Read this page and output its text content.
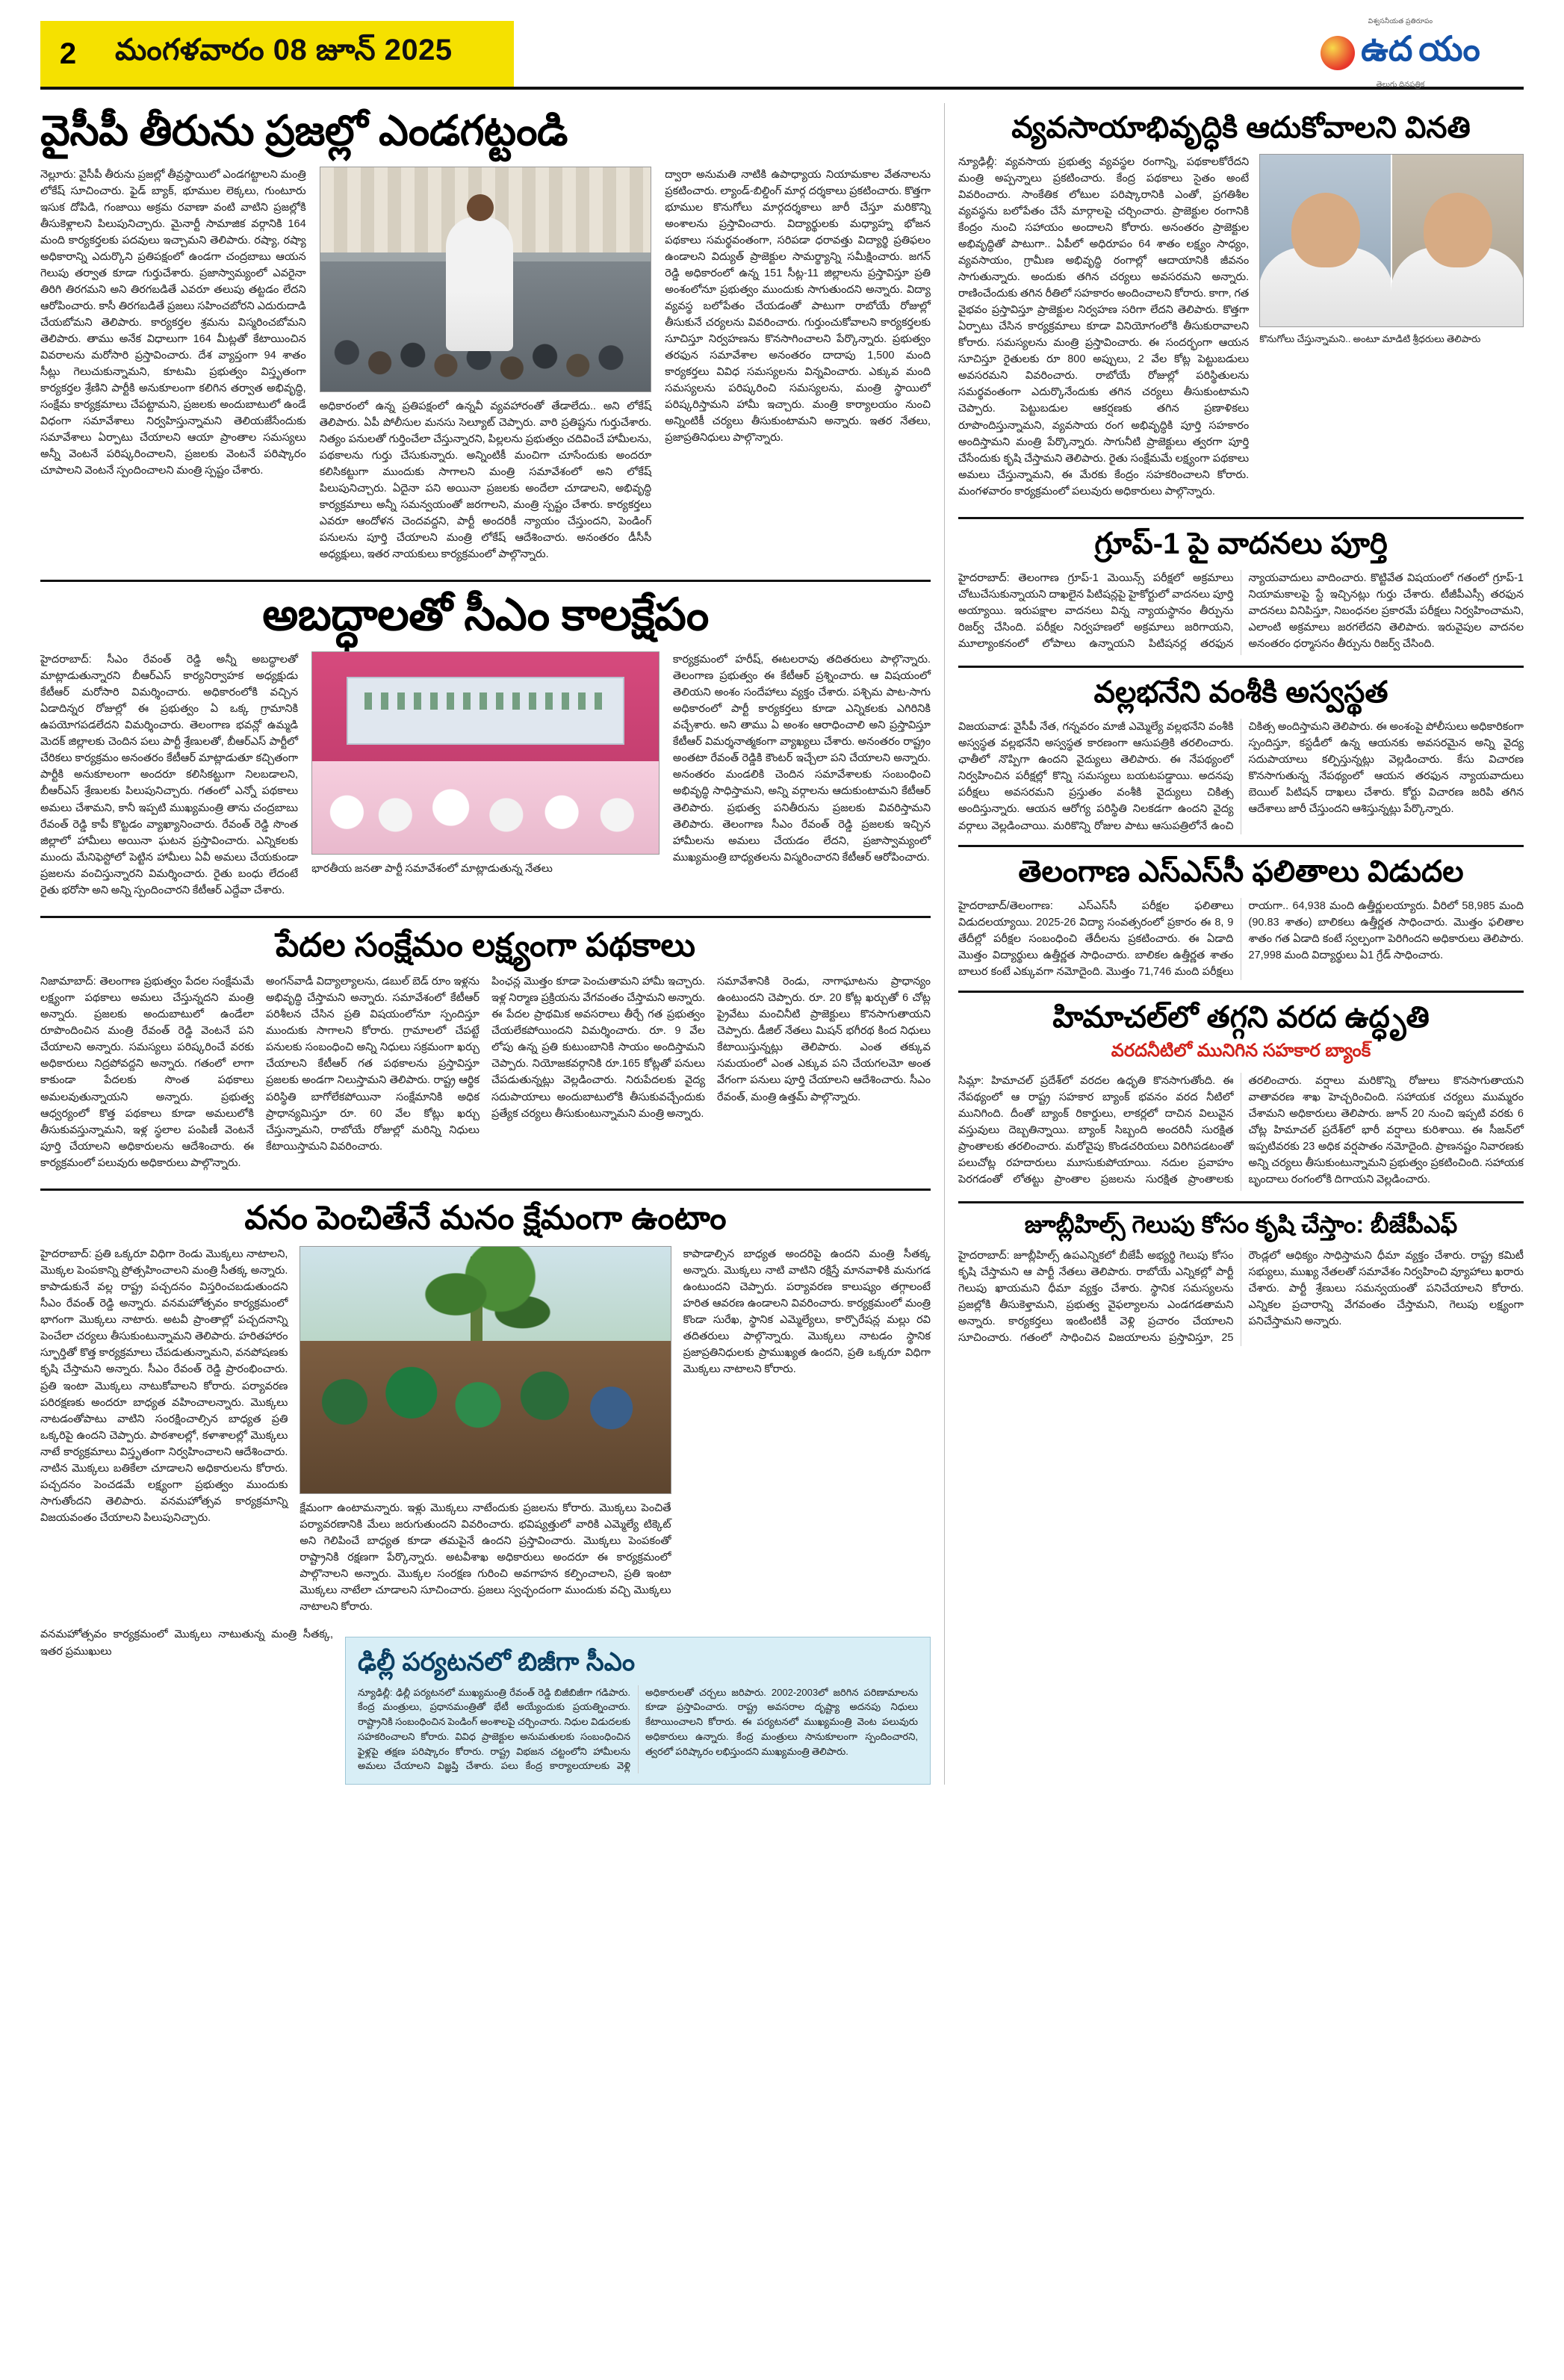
2 మంగళవారం 08 జూన్ 2025
విశ్వసనీయత ప్రతిరూపం
ఉద యం
తెలుగు దినపత్రిక
వైసీపీ తీరును ప్రజల్లో ఎండగట్టండి

నెల్లూరు: వైసీపీ తీరును ప్రజల్లో తీవ్రస్థాయిలో ఎండగట్టాలని మంత్రి లోకేష్ సూచించారు. ఫైడ్ బ్యాక్, భూముల లెక్కలు, గుంటూరు ఇసుక దోపిడి, గంజాయి అక్రమ రవాణా వంటి వాటిని ప్రజల్లోకి తీసుకెళ్లాలని పిలుపునిచ్చారు. మైనార్టీ సామాజిక వర్గానికి 164 మంది కార్యకర్తలకు పదవులు ఇచ్చామని తెలిపారు. రష్యా, రష్యా అధికారాన్ని ఎదుర్కొని ప్రతిపక్షంలో ఉండగా చంద్రబాబు ఆయన గెలుపు తర్వాత కూడా గుర్తుచేశారు. ప్రజాస్వామ్యంలో ఎవరైనా తిరిగి తిరగమని అని తిరగబడితే ఎవరూ తలుపు తట్టడం లేదని ఆరోపించారు. కాసీ తిరగబడితే ప్రజలు సహించబోరని ఎదురుదాడి చేయబోమని తెలిపారు. కార్యకర్తల శ్రమను విస్మరించబోమని తెలిపారు. తాము అనేక విధాలుగా 164 మీట్లతో కేటాయించిన వివరాలను మరోసారి ప్రస్తావించారు. దేశ వ్యాప్తంగా 94 శాతం సీట్లు గెలుచుకున్నామని, కూటమి ప్రభుత్వం విస్తృతంగా కార్యకర్తల శ్రేణిని పార్టీకి అనుకూలంగా కలిగిన తర్వాత అభివృద్ధి, సంక్షేమ కార్యక్రమాలు చేపట్టామని, ప్రజలకు అందుబాటులో ఉండే విధంగా సమావేశాలు నిర్వహిస్తున్నామని తెలియజేసేందుకు సమావేశాలు ఏర్పాటు చేయాలని ఆయా ప్రాంతాల సమస్యలు అన్నీ వెంటనే పరిష్కరించాలని, ప్రజలకు వెంటనే పరిష్కారం చూపాలని వెంటనే స్పందించాలని మంత్రి స్పష్టం చేశారు.

అధికారంలో ఉన్న ప్రతిపక్షంలో ఉన్నవీ వ్యవహారంతో తేడాలేదు.. అని లోకేష్ తెలిపారు. ఏపీ పోలీసుల మనసు సెల్యూట్ చెప్పారు. వారి ప్రతిష్టను గుర్తుచేశారు. నిత్యం పనులతో గుర్తించేలా చేస్తున్నారని, పిల్లలను ప్రభుత్వం చదివించే హామీలను, పథకాలను గుర్తు చేసుకున్నారు. అన్నింటికీ మంచిగా చూసేందుకు అందరూ కలిసికట్టుగా ముందుకు సాగాలని మంత్రి సమావేశంలో అని లోకేష్ పిలుపునిచ్చారు. ఏదైనా పని అయినా ప్రజలకు అందేలా చూడాలని, అభివృద్ధి కార్యక్రమాలు అన్నీ సమన్వయంతో జరగాలని, మంత్రి స్పష్టం చేశారు. కార్యకర్తలు ఎవరూ ఆందోళన చెందవద్దని, పార్టీ అందరికీ న్యాయం చేస్తుందని, పెండింగ్ పనులను పూర్తి చేయాలని మంత్రి లోకేష్ ఆదేశించారు. అనంతరం డీసీసీ అధ్యక్షులు, ఇతర నాయకులు కార్యక్రమంలో పాల్గొన్నారు.

ద్వారా అనుమతి నాటికి ఉపాధ్యాయ నియామకాల వేతనాలను ప్రకటించారు. ల్యాండ్-బిల్డింగ్ మార్గ దర్శకాలు ప్రకటించారు. కొత్తగా భూముల కొనుగోలు మార్గదర్శకాలు జారీ చేస్తూ మరికొన్ని అంశాలను ప్రస్తావించారు. విద్యార్థులకు మధ్యాహ్న భోజన పథకాలు సమర్థవంతంగా, సరిపడా ధరావత్తు విద్యార్థి ప్రతిఫలం ఉండాలని విద్యుత్ ప్రాజెక్టుల సామర్థ్యాన్ని సమీక్షించారు. జగన్ రెడ్డి అధికారంలో ఉన్న 151 సీట్ల-11 జిల్లాలను ప్రస్తావిస్తూ ప్రతి అంశంలోనూ ప్రభుత్వం ముందుకు సాగుతుందని అన్నారు. విద్యా వ్యవస్థ బలోపేతం చేయడంతో పాటుగా రాబోయే రోజుల్లో తీసుకునే చర్యలను వివరించారు. గుర్తుంచుకోవాలని కార్యకర్తలకు సూచిస్తూ నిర్వహణను కొనసాగించాలని పేర్కొన్నారు. ప్రభుత్వం తరఫున సమావేశాల అనంతరం దాదాపు 1,500 మంది కార్యకర్తలు వివిధ సమస్యలను విన్నవించారు. ఎక్కువ మంది సమస్యలను పరిష్కరించి సమస్యలను, మంత్రి స్థాయిలో పరిష్కరిస్తామని హామీ ఇచ్చారు. మంత్రి కార్యాలయం నుంచి అన్నింటికీ చర్యలు తీసుకుంటామని అన్నారు. ఇతర నేతలు, ప్రజాప్రతినిధులు పాల్గొన్నారు.

అబద్ధాలతో సీఎం కాలక్షేపం

హైదరాబాద్: సీఎం రేవంత్ రెడ్డి అన్నీ అబద్ధాలతో మాట్లాడుతున్నారని బీఆర్ఎస్ కార్యనిర్వాహక అధ్యక్షుడు కేటీఆర్ మరోసారి విమర్శించారు. అధికారంలోకి వచ్చిన ఏడాదిన్నర రోజుల్లో ఈ ప్రభుత్వం ఏ ఒక్క గ్రామానికి ఉపయోగపడలేదని విమర్శించారు. తెలంగాణ భవన్లో ఉమ్మడి మెదక్ జిల్లాలకు చెందిన పలు పార్టీ శ్రేణులతో, బీఆర్ఎస్ పార్టీలో చేరికలు కార్యక్రమం అనంతరం కేటీఆర్ మాట్లాడుతూ కచ్చితంగా పార్టీకి అనుకూలంగా అందరూ కలిసికట్టుగా నిలబడాలని, బీఆర్ఎస్ శ్రేణులకు పిలుపునిచ్చారు. గతంలో ఎన్నో పథకాలు అమలు చేశామని, కానీ ఇప్పటి ముఖ్యమంత్రి తాను చంద్రబాబు రేవంత్ రెడ్డి కాపీ కొట్టడం వ్యాఖ్యానించారు. రేవంత్ రెడ్డి సొంత జిల్లాలో హామీలు అయినా ఘటన ప్రస్తావించారు. ఎన్నికలకు ముందు మేనిఫెస్టోలో పెట్టిన హామీలు ఏవీ అమలు చేయకుండా ప్రజలను వంచిస్తున్నారని విమర్శించారు. రైతు బంధు లేదంటే రైతు భరోసా అని అన్ని స్పందించారని కేటీఆర్ ఎద్దేవా చేశారు.

భారతీయ జనతా పార్టీ సమావేశంలో మాట్లాడుతున్న నేతలు

కార్యక్రమంలో హరీష్, ఈటలరావు తదితరులు పాల్గొన్నారు. తెలంగాణ ప్రభుత్వం ఈ కేటీఆర్ ప్రశ్నించారు. ఆ విషయంలో తెలియని అంశం సందేహాలు వ్యక్తం చేశారు. పశ్చిమ పాట-సాగు అధికారంలో పార్టీ కార్యకర్తలు కూడా ఎన్నికలకు ఎగిరినికి వచ్చేశారు. అని తాము ఏ అంశం ఆరాధించాలి అని ప్రస్తావిస్తూ కేటీఆర్ విమర్శనాత్మకంగా వ్యాఖ్యలు చేశారు. అనంతరం రాష్ట్రం అంతటా రేవంత్ రెడ్డికి కౌంటర్ ఇచ్చేలా పని చేయాలని అన్నారు. అనంతరం మండలికి చెందిన సమావేశాలకు సంబంధించి అభివృద్ధి సాధిస్తామని, అన్ని వర్గాలను ఆదుకుంటామని కేటీఆర్ తెలిపారు. ప్రభుత్వ పనితీరును ప్రజలకు వివరిస్తామని తెలిపారు. తెలంగాణ సీఎం రేవంత్ రెడ్డి ప్రజలకు ఇచ్చిన హామీలను అమలు చేయడం లేదని, ప్రజాస్వామ్యంలో ముఖ్యమంత్రి బాధ్యతలను విస్మరించారని కేటీఆర్ ఆరోపించారు.

పేదల సంక్షేమం లక్ష్యంగా పథకాలు

నిజామాబాద్: తెలంగాణ ప్రభుత్వం పేదల సంక్షేమమే లక్ష్యంగా పథకాలు అమలు చేస్తున్నదని మంత్రి అన్నారు. ప్రజలకు అందుబాటులో ఉండేలా రూపొందించిన మంత్రి రేవంత్ రెడ్డి వెంటనే పని చేయాలని అన్నారు. సమస్యలు పరిష్కరించే వరకు అధికారులు నిద్రపోవద్దని అన్నారు. గతంలో లాగా కాకుండా పేదలకు సొంత పథకాలు అమలవుతున్నాయని అన్నారు. ప్రభుత్వ ఆధ్వర్యంలో కొత్త పథకాలు కూడా అమలులోకి తీసుకువస్తున్నామని, ఇళ్ల స్థలాల పంపిణీ వెంటనే పూర్తి చేయాలని అధికారులను ఆదేశించారు. ఈ కార్యక్రమంలో పలువురు అధికారులు పాల్గొన్నారు.

అంగన్‌వాడీ విద్యాల్యాలను, డబుల్ బెడ్ రూం ఇళ్లను అభివృద్ధి చేస్తామని అన్నారు. సమావేశంలో కేటీఆర్ పరిశీలన చేసిన ప్రతి విషయంలోనూ స్పందిస్తూ ముందుకు సాగాలని కోరారు. గ్రామాలలో చేపట్టే పనులకు సంబంధించి అన్ని నిధులు సక్రమంగా ఖర్చు చేయాలని కేటీఆర్ గత పథకాలను ప్రస్తావిస్తూ ప్రజలకు అండగా నిలుస్తామని తెలిపారు. రాష్ట్ర ఆర్థిక పరిస్థితి బాగోలేకపోయినా సంక్షేమానికి అధిక ప్రాధాన్యమిస్తూ రూ. 60 వేల కోట్లు ఖర్చు చేస్తున్నామని, రాబోయే రోజుల్లో మరిన్ని నిధులు కేటాయిస్తామని వివరించారు.

పింఛన్ల మొత్తం కూడా పెంచుతామని హామీ ఇచ్చారు. ఇళ్ల నిర్మాణ ప్రక్రియను వేగవంతం చేస్తామని అన్నారు. ఈ పేదల ప్రాథమిక అవసరాలు తీర్చే గత ప్రభుత్వం చేయలేకపోయిందని విమర్శించారు. రూ. 9 వేల లోపు ఉన్న ప్రతి కుటుంబానికి సాయం అందిస్తామని చెప్పారు. నియోజకవర్గానికి రూ.165 కోట్లతో పనులు చేపడుతున్నట్లు వెల్లడించారు. నిరుపేదలకు వైద్య సదుపాయాలు అందుబాటులోకి తీసుకువచ్చేందుకు ప్రత్యేక చర్యలు తీసుకుంటున్నామని మంత్రి అన్నారు.

సమావేశానికి రెండు, నాగాఘాటను ప్రాధాన్యం ఉంటుందని చెప్పారు. రూ. 20 కోట్ల ఖర్చుతో 6 చోట్ల ప్రైవేటు మంచినీటి ప్రాజెక్టులు కొనసాగుతాయని చెప్పారు. డీజిల్ నేతలు మిషన్ భగీరథ కింద నిధులు కేటాయిస్తున్నట్లు తెలిపారు. ఎంత తక్కువ సమయంలో ఎంత ఎక్కువ పని చేయగలమో అంత వేగంగా పనులు పూర్తి చేయాలని ఆదేశించారు. సీఎం రేవంత్, మంత్రి ఉత్తమ్ పాల్గొన్నారు.

వనం పెంచితేనే మనం క్షేమంగా ఉంటాం

హైదరాబాద్: ప్రతి ఒక్కరూ విధిగా రెండు మొక్కలు నాటాలని, మొక్కల పెంపకాన్ని ప్రోత్సహించాలని మంత్రి సీతక్క అన్నారు. కాపాడుకునే వల్ల రాష్ట్ర పచ్చదనం విస్తరించబడుతుందని సీఎం రేవంత్ రెడ్డి అన్నారు. వనమహోత్సవం కార్యక్రమంలో భాగంగా మొక్కలు నాటారు. అటవీ ప్రాంతాల్లో పచ్చదనాన్ని పెంచేలా చర్యలు తీసుకుంటున్నామని తెలిపారు. హరితహారం స్ఫూర్తితో కొత్త కార్యక్రమాలు చేపడుతున్నామని, వనపోషణకు కృషి చేస్తామని అన్నారు. సీఎం రేవంత్ రెడ్డి ప్రారంభించారు. ప్రతి ఇంటా మొక్కలు నాటుకోవాలని కోరారు. పర్యావరణ పరిరక్షణకు అందరూ బాధ్యత వహించాలన్నారు. మొక్కలు నాటడంతోపాటు వాటిని సంరక్షించాల్సిన బాధ్యత ప్రతి ఒక్కరిపై ఉందని చెప్పారు. పాఠశాలల్లో, కళాశాలల్లో మొక్కలు నాటే కార్యక్రమాలు విస్తృతంగా నిర్వహించాలని ఆదేశించారు. నాటిన మొక్కలు బతికేలా చూడాలని అధికారులను కోరారు. పచ్చదనం పెంచడమే లక్ష్యంగా ప్రభుత్వం ముందుకు సాగుతోందని తెలిపారు. వనమహోత్సవ కార్యక్రమాన్ని విజయవంతం చేయాలని పిలుపునిచ్చారు.

క్షేమంగా ఉంటామన్నారు. ఇళ్లు మొక్కలు నాటేందుకు ప్రజలను కోరారు. మొక్కలు పెంచితే పర్యావరణానికి మేలు జరుగుతుందని వివరించారు. భవిష్యత్తులో వారికి ఎమ్మెల్యే టిక్కెట్ అని గెలిపించే బాధ్యత కూడా తమపైనే ఉందని ప్రస్తావించారు. మొక్కలు పెంపకంతో రాష్ట్రానికి రక్షణగా పేర్కొన్నారు. అటవీశాఖ అధికారులు అందరూ ఈ కార్యక్రమంలో పాల్గొనాలని అన్నారు. మొక్కల సంరక్షణ గురించి అవగాహన కల్పించాలని, ప్రతి ఇంటా మొక్కలు నాటేలా చూడాలని సూచించారు. ప్రజలు స్వచ్ఛందంగా ముందుకు వచ్చి మొక్కలు నాటాలని కోరారు.

కాపాడాల్సిన బాధ్యత అందరిపై ఉందని మంత్రి సీతక్క అన్నారు. మొక్కలు నాటి వాటిని రక్షిస్తే మానవాళికి మనుగడ ఉంటుందని చెప్పారు. పర్యావరణ కాలుష్యం తగ్గాలంటే హరిత ఆవరణ ఉండాలని వివరించారు. కార్యక్రమంలో మంత్రి కొండా సురేఖ, స్థానిక ఎమ్మెల్యేలు, కార్పొరేషన్ల మల్లు రవి తదితరులు పాల్గొన్నారు. మొక్కలు నాటడం స్థానిక ప్రజాప్రతినిధులకు ప్రాముఖ్యత ఉందని, ప్రతి ఒక్కరూ విధిగా మొక్కలు నాటాలని కోరారు.

వనమహోత్సవం కార్యక్రమంలో మొక్కలు నాటుతున్న మంత్రి సీతక్క, ఇతర ప్రముఖులు	ఢిల్లీ పర్యటనలో బిజీగా సీఎం

న్యూఢిల్లీ: ఢిల్లీ పర్యటనలో ముఖ్యమంత్రి రేవంత్ రెడ్డి బిజీబిజీగా గడిపారు. కేంద్ర మంత్రులు, ప్రధానమంత్రితో భేటీ అయ్యేందుకు ప్రయత్నించారు. రాష్ట్రానికి సంబంధించిన పెండింగ్ అంశాలపై చర్చించారు. నిధుల విడుదలకు సహకరించాలని కోరారు. వివిధ ప్రాజెక్టుల అనుమతులకు సంబంధించిన ఫైళ్లపై తక్షణ పరిష్కారం కోరారు. రాష్ట్ర విభజన చట్టంలోని హామీలను అమలు చేయాలని విజ్ఞప్తి చేశారు. పలు కేంద్ర కార్యాలయాలకు వెళ్లి అధికారులతో చర్చలు జరిపారు. 2002-2003లో జరిగిన పరిణామాలను కూడా ప్రస్తావించారు. రాష్ట్ర అవసరాల దృష్ట్యా అదనపు నిధులు కేటాయించాలని కోరారు. ఈ పర్యటనలో ముఖ్యమంత్రి వెంట పలువురు అధికారులు ఉన్నారు. కేంద్ర మంత్రులు సానుకూలంగా స్పందించారని, త్వరలో పరిష్కారం లభిస్తుందని ముఖ్యమంత్రి తెలిపారు.

వ్యవసాయాభివృద్ధికి ఆదుకోవాలని వినతి

న్యూఢిల్లీ: వ్యవసాయ ప్రభుత్వ వ్యవస్థల రంగాన్ని, పథకాలకోరేదని మంత్రి అప్పన్నాలు ప్రకటించారు. కేంద్ర పథకాలు సైతం అంటే వివరించారు. సాంకేతిక లోటుల పరిష్కారానికి ఎంతో, ప్రగతిశీల వ్యవస్థను బలోపేతం చేసే మార్గాలపై చర్చించారు. ప్రాజెక్టుల రంగానికి కేంద్రం నుంచి సహాయం అందాలని కోరారు. అనంతరం ప్రాజెక్టుల అభివృద్ధితో పాటుగా.. ఏపీలో అధిరూపం 64 శాతం లక్ష్యం సాధ్యం, వ్యవసాయం, గ్రామీణ అభివృద్ధి రంగాల్లో ఆదాయానికి జీవనం సాగుతున్నారు. అందుకు తగిన చర్యలు అవసరమని అన్నారు. రాణించేందుకు తగిన రీతిలో సహకారం అందించాలని కోరారు. కాగా, గత వైభవం ప్రస్తావిస్తూ ప్రాజెక్టుల నిర్వహణ సరిగా లేదని తెలిపారు. కొత్తగా ఏర్పాటు చేసిన కార్యక్రమాలు కూడా వినియోగంలోకి తీసుకురావాలని కోరారు. సమస్యలను మంత్రి ప్రస్తావించారు. ఈ సందర్భంగా ఆయన సూచిస్తూ రైతులకు రూ 800 అప్పులు, 2 వేల కోట్ల పెట్టుబడులు అవసరమని వివరించారు. రాబోయే రోజుల్లో పరిస్థితులను సమర్థవంతంగా ఎదుర్కొనేందుకు తగిన చర్యలు తీసుకుంటామని చెప్పారు. పెట్టుబడుల ఆకర్షణకు తగిన ప్రణాళికలు రూపొందిస్తున్నామని, వ్యవసాయ రంగ అభివృద్ధికి పూర్తి సహకారం అందిస్తామని మంత్రి పేర్కొన్నారు. సాగునీటి ప్రాజెక్టులు త్వరగా పూర్తి చేసేందుకు కృషి చేస్తామని తెలిపారు. రైతు సంక్షేమమే లక్ష్యంగా పథకాలు అమలు చేస్తున్నామని, ఈ మేరకు కేంద్రం సహకరించాలని కోరారు. మంగళవారం కార్యక్రమంలో పలువురు అధికారులు పాల్గొన్నారు.

కొనుగోలు చేస్తున్నామని.. అంటూ మాడిటి శ్రీధరులు తెలిపారు

గ్రూప్-1 పై వాదనలు పూర్తి

హైదరాబాద్: తెలంగాణ గ్రూప్-1 మెయిన్స్ పరీక్షలో అక్రమాలు చోటుచేసుకున్నాయని దాఖలైన పిటిషన్లపై హైకోర్టులో వాదనలు పూర్తి అయ్యాయి. ఇరుపక్షాల వాదనలు విన్న న్యాయస్థానం తీర్పును రిజర్వ్ చేసింది. పరీక్షల నిర్వహణలో అక్రమాలు జరిగాయని, మూల్యాంకనంలో లోపాలు ఉన్నాయని పిటిషనర్ల తరఫున న్యాయవాదులు వాదించారు. కొట్టివేత విషయంలో గతంలో గ్రూప్-1 నియామకాలపై స్టే ఇచ్చినట్లు గుర్తు చేశారు. టీజీపీఎస్సీ తరఫున వాదనలు వినిపిస్తూ, నిబంధనల ప్రకారమే పరీక్షలు నిర్వహించామని, ఎలాంటి అక్రమాలు జరగలేదని తెలిపారు. ఇరువైపుల వాదనల అనంతరం ధర్మాసనం తీర్పును రిజర్వ్ చేసింది.

వల్లభనేని వంశీకి అస్వస్థత

విజయవాడ: వైసీపీ నేత, గన్నవరం మాజీ ఎమ్మెల్యే వల్లభనేని వంశీకి అస్వస్థత వల్లభనేని అస్వస్థత కారణంగా ఆసుపత్రికి తరలించారు. ఛాతీలో నొప్పిగా ఉందని వైద్యులు తెలిపారు. ఈ నేపథ్యంలో నిర్వహించిన పరీక్షల్లో కొన్ని సమస్యలు బయటపడ్డాయి. అదనపు పరీక్షలు అవసరమని ప్రస్తుతం వంశీకి వైద్యులు చికిత్స అందిస్తున్నారు. ఆయన ఆరోగ్య పరిస్థితి నిలకడగా ఉందని వైద్య వర్గాలు వెల్లడించాయి. మరికొన్ని రోజుల పాటు ఆసుపత్రిలోనే ఉంచి చికిత్స అందిస్తామని తెలిపారు. ఈ అంశంపై పోలీసులు అధికారికంగా స్పందిస్తూ, కస్టడీలో ఉన్న ఆయనకు అవసరమైన అన్ని వైద్య సదుపాయాలు కల్పిస్తున్నట్లు వెల్లడించారు. కేసు విచారణ కొనసాగుతున్న నేపథ్యంలో ఆయన తరఫున న్యాయవాదులు బెయిల్ పిటిషన్ దాఖలు చేశారు. కోర్టు విచారణ జరిపి తగిన ఆదేశాలు జారీ చేస్తుందని ఆశిస్తున్నట్లు పేర్కొన్నారు.

తెలంగాణ ఎస్‌ఎస్‌సీ ఫలితాలు విడుదల

హైదరాబాద్‌/తెలంగాణ: ఎస్‌ఎస్‌సీ పరీక్షల ఫలితాలు విడుదలయ్యాయి. 2025-26 విద్యా సంవత్సరంలో ప్రకారం ఈ 8, 9 తేదీల్లో పరీక్షల సంబంధించి తేదీలను ప్రకటించారు. ఈ ఏడాది మొత్తం విద్యార్థులు ఉత్తీర్ణత సాధించారు. బాలికల ఉత్తీర్ణత శాతం బాలుర కంటే ఎక్కువగా నమోదైంది. మొత్తం 71,746 మంది పరీక్షలు రాయగా.. 64,938 మంది ఉత్తీర్ణులయ్యారు. వీరిలో 58,985 మంది (90.83 శాతం) బాలికలు ఉత్తీర్ణత సాధించారు. మొత్తం ఫలితాల శాతం గత ఏడాది కంటే స్వల్పంగా పెరిగిందని అధికారులు తెలిపారు. 27,998 మంది విద్యార్థులు ఏ1 గ్రేడ్ సాధించారు.

హిమాచల్‌లో తగ్గని వరద ఉద్ధృతి
వరదనీటిలో మునిగిన సహకార బ్యాంక్

సిమ్లా: హిమాచల్ ప్రదేశ్‌లో వరదల ఉధృతి కొనసాగుతోంది. ఈ నేపథ్యంలో ఆ రాష్ట్ర సహకార బ్యాంక్ భవనం వరద నీటిలో మునిగింది. దీంతో బ్యాంక్ రికార్డులు, లాకర్లలో దాచిన విలువైన వస్తువులు దెబ్బతిన్నాయి. బ్యాంక్ సిబ్బంది అందరినీ సురక్షిత ప్రాంతాలకు తరలించారు. మరోవైపు కొండచరియలు విరిగిపడటంతో పలుచోట్ల రహదారులు మూసుకుపోయాయి. నదుల ప్రవాహం పెరగడంతో లోతట్టు ప్రాంతాల ప్రజలను సురక్షిత ప్రాంతాలకు తరలించారు. వర్షాలు మరికొన్ని రోజులు కొనసాగుతాయని వాతావరణ శాఖ హెచ్చరించింది. సహాయక చర్యలు ముమ్మరం చేశామని అధికారులు తెలిపారు. జూన్ 20 నుంచి ఇప్పటి వరకు 6 చోట్ల హిమాచల్ ప్రదేశ్‌లో భారీ వర్షాలు కురిశాయి. ఈ సీజన్‌లో ఇప్పటివరకు 23 అధిక వర్షపాతం నమోదైంది. ప్రాణనష్టం నివారణకు అన్ని చర్యలు తీసుకుంటున్నామని ప్రభుత్వం ప్రకటించింది. సహాయక బృందాలు రంగంలోకి దిగాయని వెల్లడించారు.

జూబ్లీహిల్స్ గెలుపు కోసం కృషి చేస్తాం: బీజేపీఎఫ్

హైదరాబాద్: జూబ్లీహిల్స్ ఉపఎన్నికలో బీజేపీ అభ్యర్థి గెలుపు కోసం కృషి చేస్తామని ఆ పార్టీ నేతలు తెలిపారు. రాబోయే ఎన్నికల్లో పార్టీ గెలుపు ఖాయమని ధీమా వ్యక్తం చేశారు. స్థానిక సమస్యలను ప్రజల్లోకి తీసుకెళ్తామని, ప్రభుత్వ వైఫల్యాలను ఎండగడతామని అన్నారు. కార్యకర్తలు ఇంటింటికీ వెళ్లి ప్రచారం చేయాలని సూచించారు. గతంలో సాధించిన విజయాలను ప్రస్తావిస్తూ, 25 రౌండ్లలో ఆధిక్యం సాధిస్తామని ధీమా వ్యక్తం చేశారు. రాష్ట్ర కమిటీ సభ్యులు, ముఖ్య నేతలతో సమావేశం నిర్వహించి వ్యూహాలు ఖరారు చేశారు. పార్టీ శ్రేణులు సమన్వయంతో పనిచేయాలని కోరారు. ఎన్నికల ప్రచారాన్ని వేగవంతం చేస్తామని, గెలుపు లక్ష్యంగా పనిచేస్తామని అన్నారు.
